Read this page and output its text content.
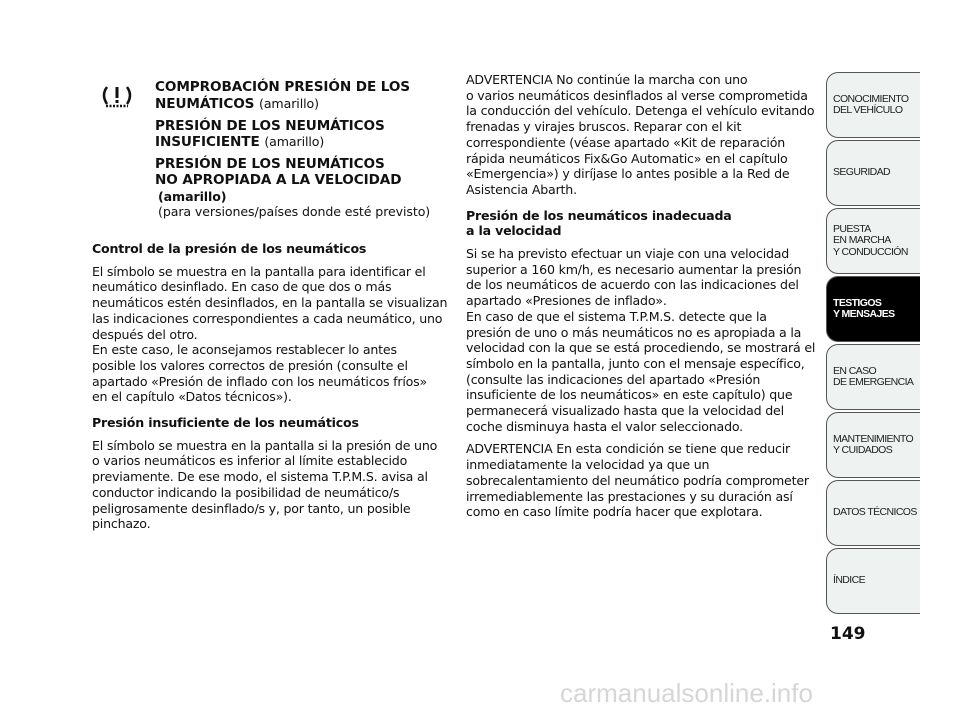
COMPROBACIÓN PRESIÓN DE LOS
NEUMÁTICOS (amarillo)
PRESIÓN DE LOS NEUMÁTICOS
INSUFICIENTE (amarillo)
PRESIÓN DE LOS NEUMÁTICOS
NO APROPIADA A LA VELOCIDAD
(amarillo)
(para versiones/países donde esté previsto)
Control de la presión de los neumáticos
El símbolo se muestra en la pantalla para identificar el
neumático desinflado. En caso de que dos o más
neumáticos estén desinflados, en la pantalla se visualizan
las indicaciones correspondientes a cada neumático, uno
después del otro.
En este caso, le aconsejamos restablecer lo antes
posible los valores correctos de presión (consulte el
apartado «Presión de inflado con los neumáticos fríos»
en el capítulo «Datos técnicos»).
Presión insuficiente de los neumáticos
El símbolo se muestra en la pantalla si la presión de uno
o varios neumáticos es inferior al límite establecido
previamente. De ese modo, el sistema T.P.M.S. avisa al
conductor indicando la posibilidad de neumático/s
peligrosamente desinflado/s y, por tanto, un posible
pinchazo.
ADVERTENCIA No continúe la marcha con uno
o varios neumáticos desinflados al verse comprometida
la conducción del vehículo. Detenga el vehículo evitando
frenadas y virajes bruscos. Reparar con el kit
correspondiente (véase apartado «Kit de reparación
rápida neumáticos Fix&Go Automatic» en el capítulo
«Emergencia») y diríjase lo antes posible a la Red de
Asistencia Abarth.
Presión de los neumáticos inadecuada
a la velocidad
Si se ha previsto efectuar un viaje con una velocidad
superior a 160 km/h, es necesario aumentar la presión
de los neumáticos de acuerdo con las indicaciones del
apartado «Presiones de inflado».
En caso de que el sistema T.P.M.S. detecte que la
presión de uno o más neumáticos no es apropiada a la
velocidad con la que se está procediendo, se mostrará el
símbolo en la pantalla, junto con el mensaje específico,
(consulte las indicaciones del apartado «Presión
insuficiente de los neumáticos» en este capítulo) que
permanecerá visualizado hasta que la velocidad del
coche disminuya hasta el valor seleccionado.
ADVERTENCIA En esta condición se tiene que reducir
inmediatamente la velocidad ya que un
sobrecalentamiento del neumático podría comprometer
irremediablemente las prestaciones y su duración así
como en caso límite podría hacer que explotara.
CONOCIMIENTO
DEL VEHÍCULO
SEGURIDAD
PUESTA
EN MARCHA
Y CONDUCCIÓN
TESTIGOS
Y MENSAJES
EN CASO
DE EMERGENCIA
MANTENIMIENTO
Y CUIDADOS
DATOS TÉCNICOS
ÍNDICE
149
carmanualsonline.info
